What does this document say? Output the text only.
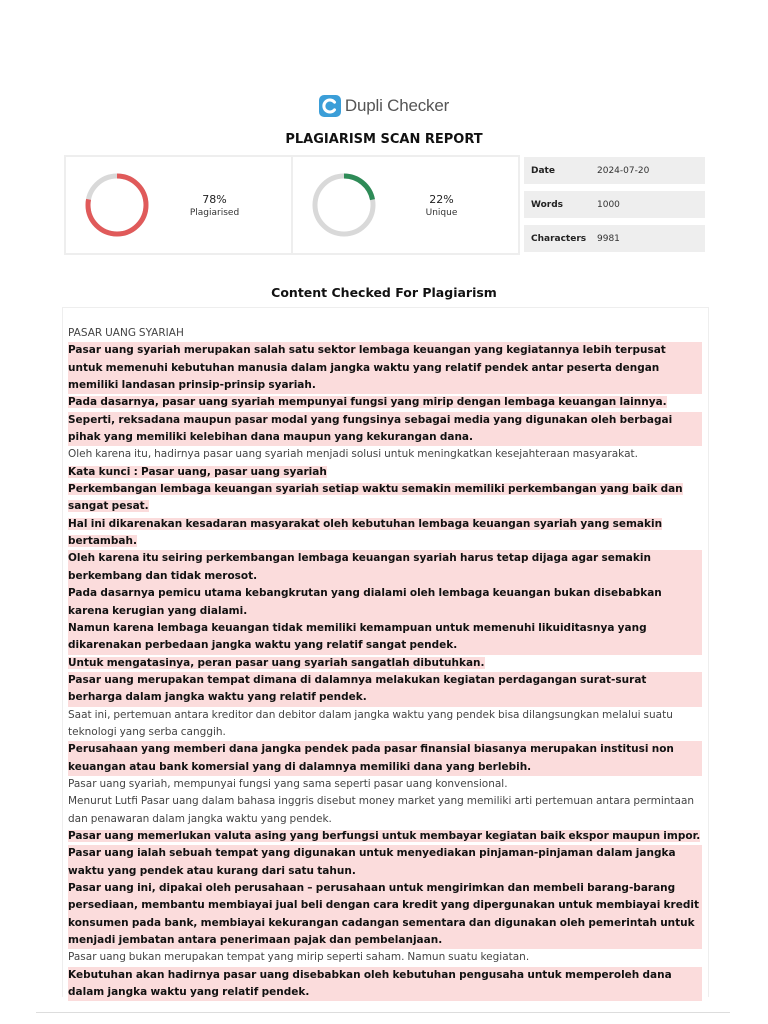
Dupli Checker
PLAGIARISM SCAN REPORT
78%
Plagiarised
22%
Unique
Date	2024-07-20
Words	1000
Characters	9981
Content Checked For Plagiarism
PASAR UANG SYARIAH
Pasar uang syariah merupakan salah satu sektor lembaga keuangan yang kegiatannya lebih terpusat untuk memenuhi kebutuhan manusia dalam jangka waktu yang relatif pendek antar peserta dengan memiliki landasan prinsip-prinsip syariah.
Pada dasarnya, pasar uang syariah mempunyai fungsi yang mirip dengan lembaga keuangan lainnya.
Seperti, reksadana maupun pasar modal yang fungsinya sebagai media yang digunakan oleh berbagai pihak yang memiliki kelebihan dana maupun yang kekurangan dana.
Oleh karena itu, hadirnya pasar uang syariah menjadi solusi untuk meningkatkan kesejahteraan masyarakat.
Kata kunci : Pasar uang, pasar uang syariah
Perkembangan lembaga keuangan syariah setiap waktu semakin memiliki perkembangan yang baik dan sangat pesat.
Hal ini dikarenakan kesadaran masyarakat oleh kebutuhan lembaga keuangan syariah yang semakin bertambah.
Oleh karena itu seiring perkembangan lembaga keuangan syariah harus tetap dijaga agar semakin berkembang dan tidak merosot.
Pada dasarnya pemicu utama kebangkrutan yang dialami oleh lembaga keuangan bukan disebabkan karena kerugian yang dialami.
Namun karena lembaga keuangan tidak memiliki kemampuan untuk memenuhi likuiditasnya yang dikarenakan perbedaan jangka waktu yang relatif sangat pendek.
Untuk mengatasinya, peran pasar uang syariah sangatlah dibutuhkan.
Pasar uang merupakan tempat dimana di dalamnya melakukan kegiatan perdagangan surat-surat berharga dalam jangka waktu yang relatif pendek.
Saat ini, pertemuan antara kreditor dan debitor dalam jangka waktu yang pendek bisa dilangsungkan melalui suatu teknologi yang serba canggih.
Perusahaan yang memberi dana jangka pendek pada pasar finansial biasanya merupakan institusi non keuangan atau bank komersial yang di dalamnya memiliki dana yang berlebih.
Pasar uang syariah, mempunyai fungsi yang sama seperti pasar uang konvensional.
Menurut Lutfi Pasar uang dalam bahasa inggris disebut money market yang memiliki arti pertemuan antara permintaan dan penawaran dalam jangka waktu yang pendek.
Pasar uang memerlukan valuta asing yang berfungsi untuk membayar kegiatan baik ekspor maupun impor.
Pasar uang ialah sebuah tempat yang digunakan untuk menyediakan pinjaman-pinjaman dalam jangka waktu yang pendek atau kurang dari satu tahun.
Pasar uang ini, dipakai oleh perusahaan – perusahaan untuk mengirimkan dan membeli barang-barang persediaan, membantu membiayai jual beli dengan cara kredit yang dipergunakan untuk membiayai kredit konsumen pada bank, membiayai kekurangan cadangan sementara dan digunakan oleh pemerintah untuk menjadi jembatan antara penerimaan pajak dan pembelanjaan.
Pasar uang bukan merupakan tempat yang mirip seperti saham. Namun suatu kegiatan.
Kebutuhan akan hadirnya pasar uang disebabkan oleh kebutuhan pengusaha untuk memperoleh dana dalam jangka waktu yang relatif pendek.
